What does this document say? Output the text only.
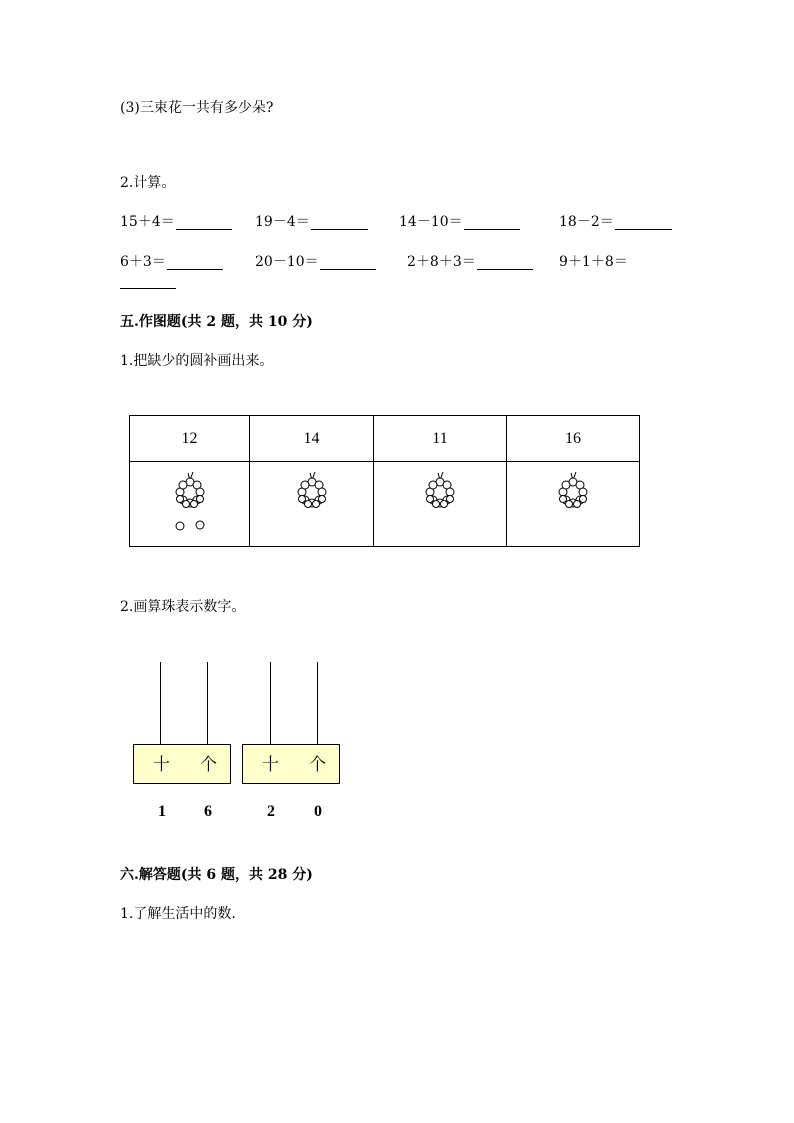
(3)三束花一共有多少朵?
2.计算。
15＋4＝	19－4＝	14－10＝	18－2＝
6＋3＝	20－10＝	2＋8＋3＝	9＋1＋8＝
五.作图题(共 2 题，共 10 分)
1.把缺少的圆补画出来。
12	14	11	16

2.画算珠表示数字。
十 个
1 6
十 个
2 0
六.解答题(共 6 题，共 28 分)
1.了解生活中的数.
